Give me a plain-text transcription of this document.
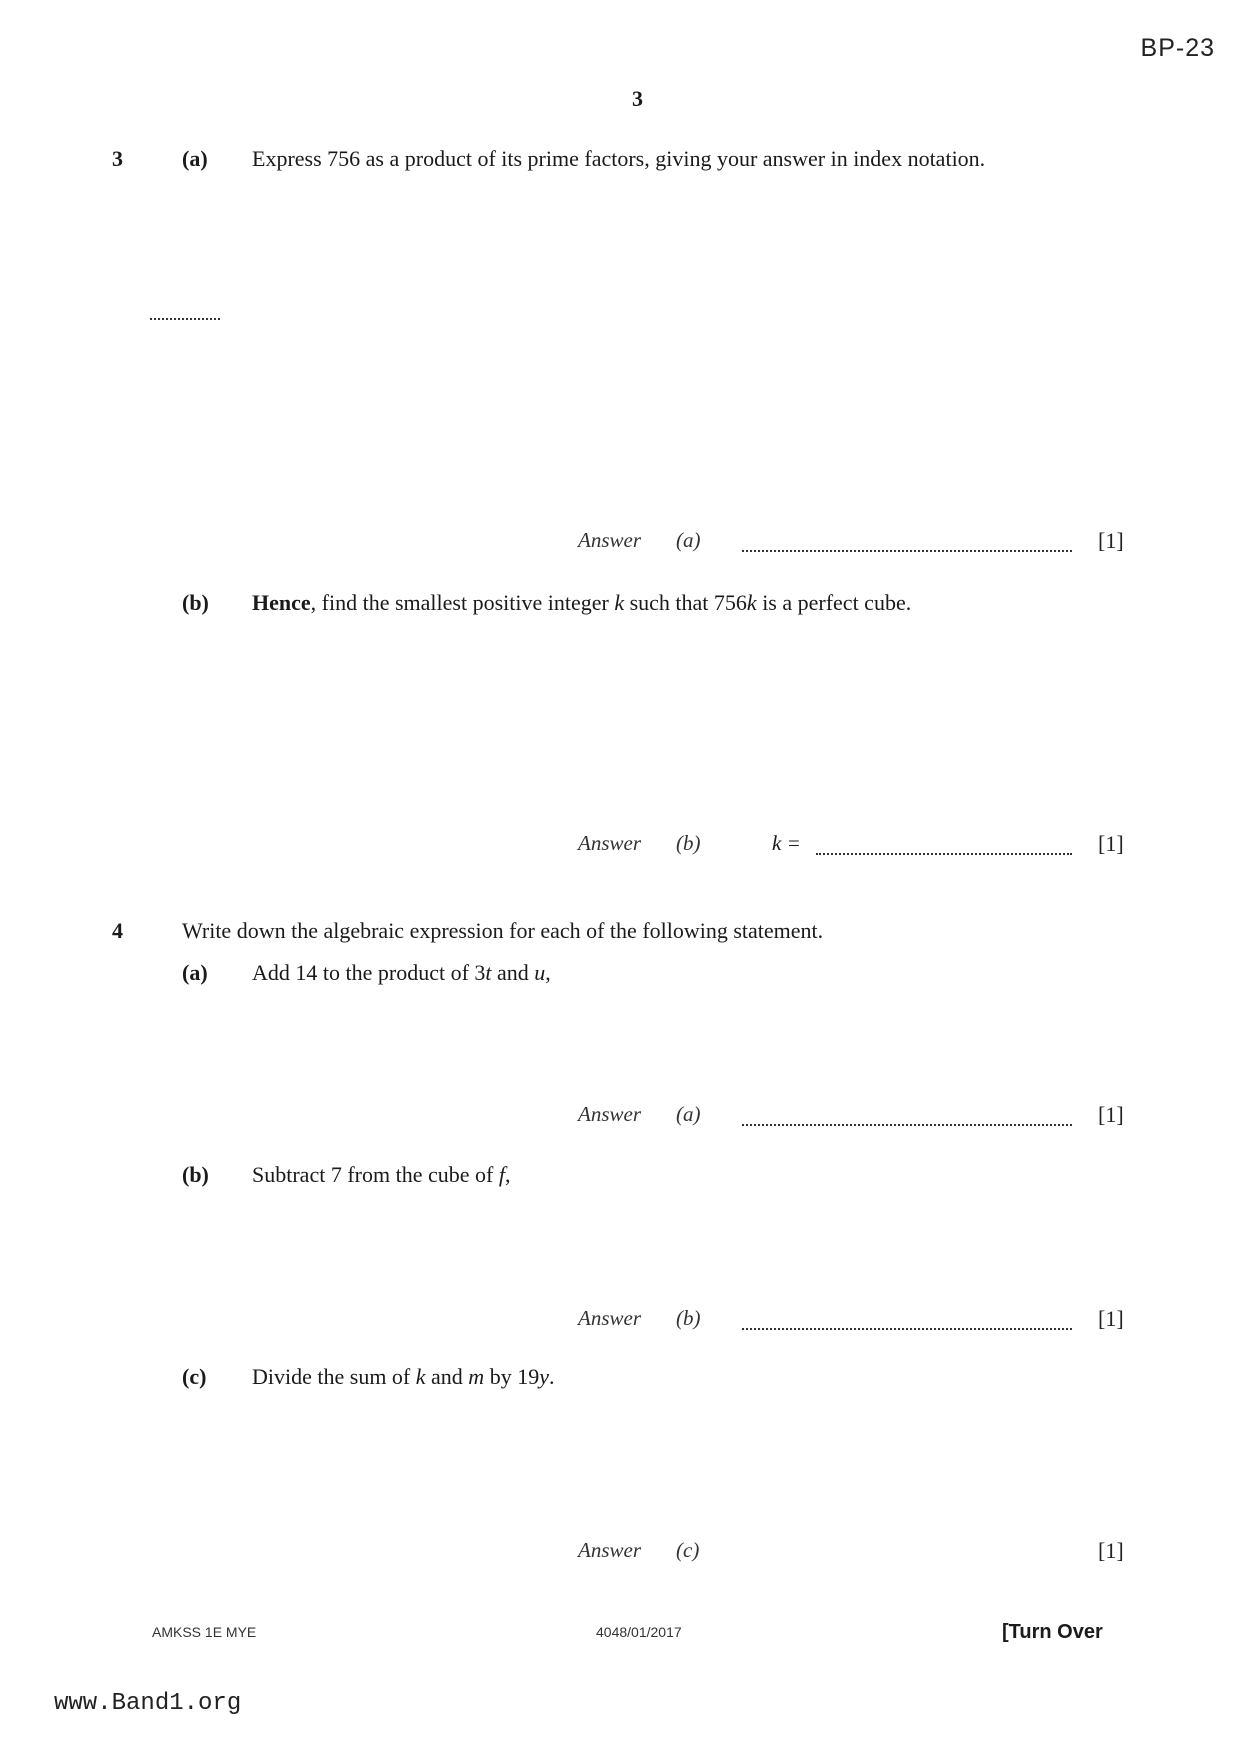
BP-23
3
3	(a) Express 756 as a product of its prime factors, giving your answer in index notation.
Answer (a)	[1]
(b) Hence, find the smallest positive integer k such that 756k is a perfect cube.
Answer (b)	k =	[1]
4	Write down the algebraic expression for each of the following statement.
(a) Add 14 to the product of 3t and u,
Answer (a)	[1]
(b) Subtract 7 from the cube of f,
Answer (b)	[1]
(c) Divide the sum of k and m by 19y.
Answer (c)	[1]
AMKSS 1E MYE	4048/01/2017	[Turn Over
www.Band1.org
